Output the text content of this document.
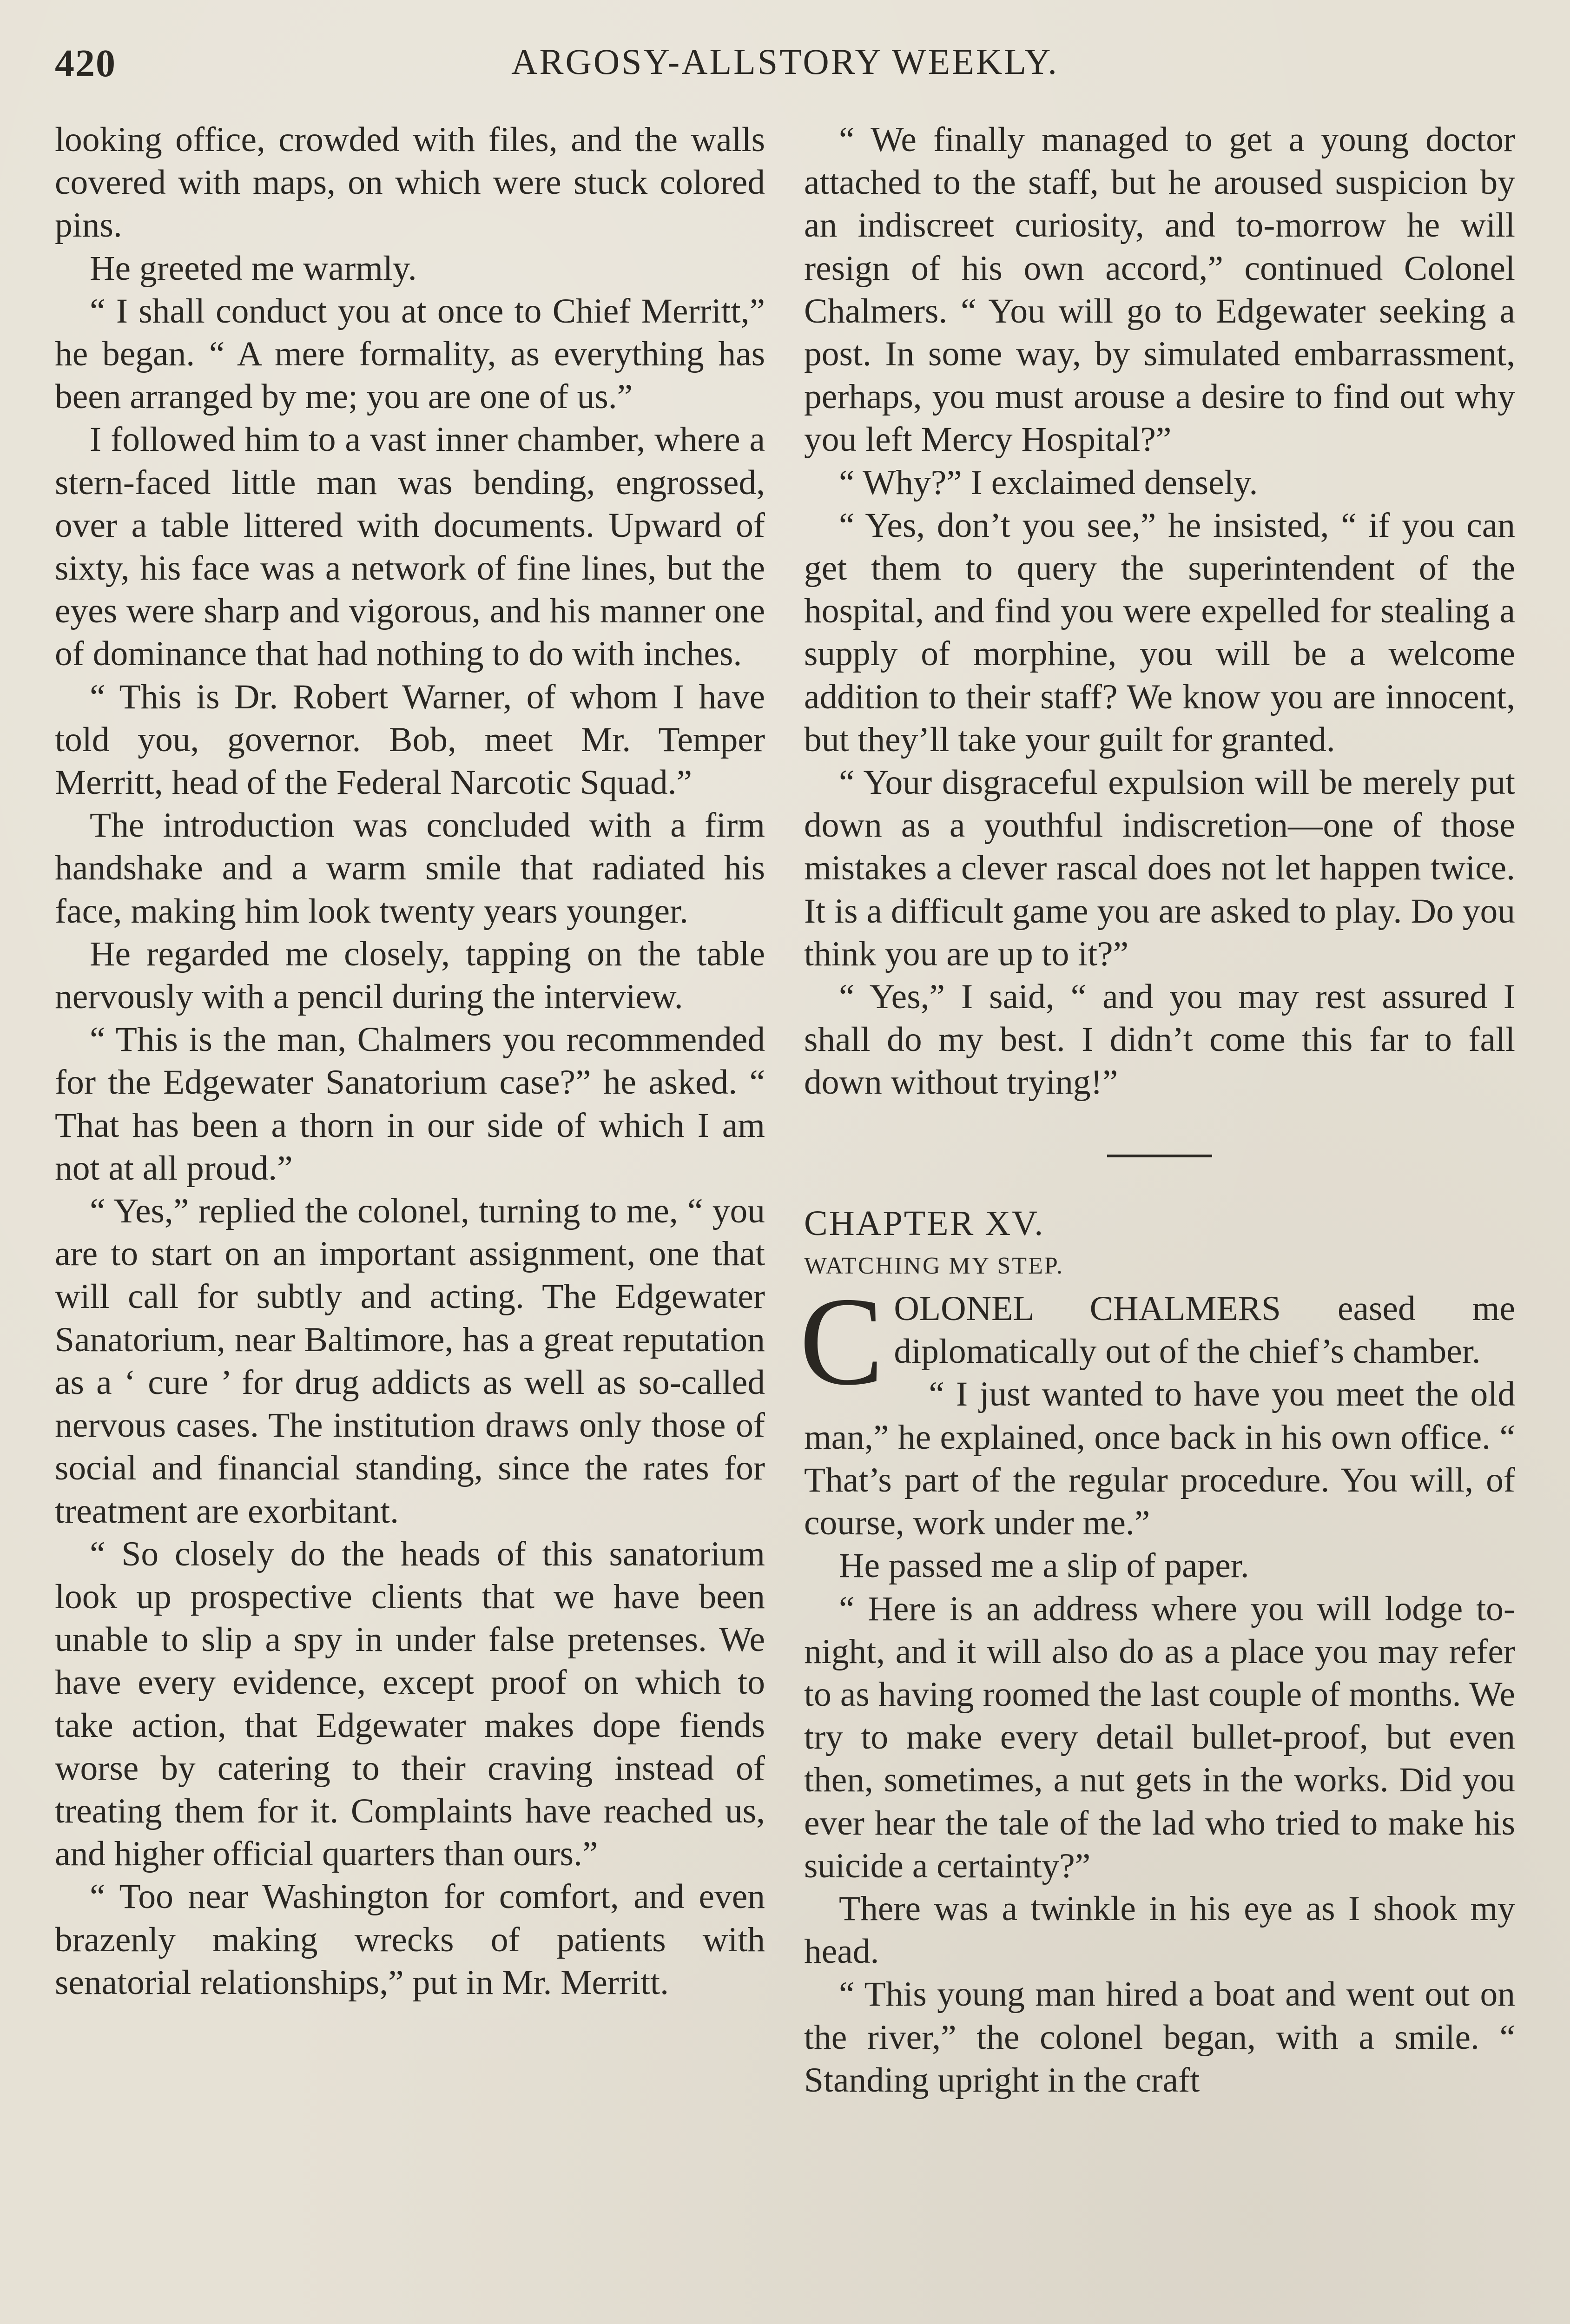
420	ARGOSY-ALLSTORY WEEKLY.

looking office, crowded with files, and the walls covered with maps, on which were stuck colored pins.

He greeted me warmly.

“ I shall conduct you at once to Chief Merritt,” he began. “ A mere formality, as everything has been arranged by me; you are one of us.”

I followed him to a vast inner chamber, where a stern-faced little man was bending, engrossed, over a table littered with documents. Upward of sixty, his face was a network of fine lines, but the eyes were sharp and vigorous, and his manner one of dominance that had nothing to do with inches.

“ This is Dr. Robert Warner, of whom I have told you, governor. Bob, meet Mr. Temper Merritt, head of the Federal Narcotic Squad.”

The introduction was concluded with a firm handshake and a warm smile that radiated his face, making him look twenty years younger.

He regarded me closely, tapping on the table nervously with a pencil during the interview.

“ This is the man, Chalmers you recommended for the Edgewater Sanatorium case?” he asked. “ That has been a thorn in our side of which I am not at all proud.”

“ Yes,” replied the colonel, turning to me, “ you are to start on an important assignment, one that will call for subtly and acting. The Edgewater Sanatorium, near Baltimore, has a great reputation as a ‘ cure ’ for drug addicts as well as so-called nervous cases. The institution draws only those of social and financial standing, since the rates for treatment are exorbitant.

“ So closely do the heads of this sanatorium look up prospective clients that we have been unable to slip a spy in under false pretenses. We have every evidence, except proof on which to take action, that Edgewater makes dope fiends worse by catering to their craving instead of treating them for it. Complaints have reached us, and higher official quarters than ours.”

“ Too near Washington for comfort, and even brazenly making wrecks of patients with senatorial relationships,” put in Mr. Merritt.

“ We finally managed to get a young doctor attached to the staff, but he aroused suspicion by an indiscreet curiosity, and to-morrow he will resign of his own accord,” continued Colonel Chalmers. “ You will go to Edgewater seeking a post. In some way, by simulated embarrassment, perhaps, you must arouse a desire to find out why you left Mercy Hospital?”

“ Why?” I exclaimed densely.

“ Yes, don’t you see,” he insisted, “ if you can get them to query the superintendent of the hospital, and find you were expelled for stealing a supply of morphine, you will be a welcome addition to their staff? We know you are innocent, but they’ll take your guilt for granted.

“ Your disgraceful expulsion will be merely put down as a youthful indiscretion—one of those mistakes a clever rascal does not let happen twice. It is a difficult game you are asked to play. Do you think you are up to it?”

“ Yes,” I said, “ and you may rest assured I shall do my best. I didn’t come this far to fall down without trying!”

CHAPTER XV.

WATCHING MY STEP.

COLONEL CHALMERS eased me diplomatically out of the chief’s chamber.

“ I just wanted to have you meet the old man,” he explained, once back in his own office. “ That’s part of the regular procedure. You will, of course, work under me.”

He passed me a slip of paper.

“ Here is an address where you will lodge to-night, and it will also do as a place you may refer to as having roomed the last couple of months. We try to make every detail bullet-proof, but even then, sometimes, a nut gets in the works. Did you ever hear the tale of the lad who tried to make his suicide a certainty?”

There was a twinkle in his eye as I shook my head.

“ This young man hired a boat and went out on the river,” the colonel began, with a smile. “ Standing upright in the craft
